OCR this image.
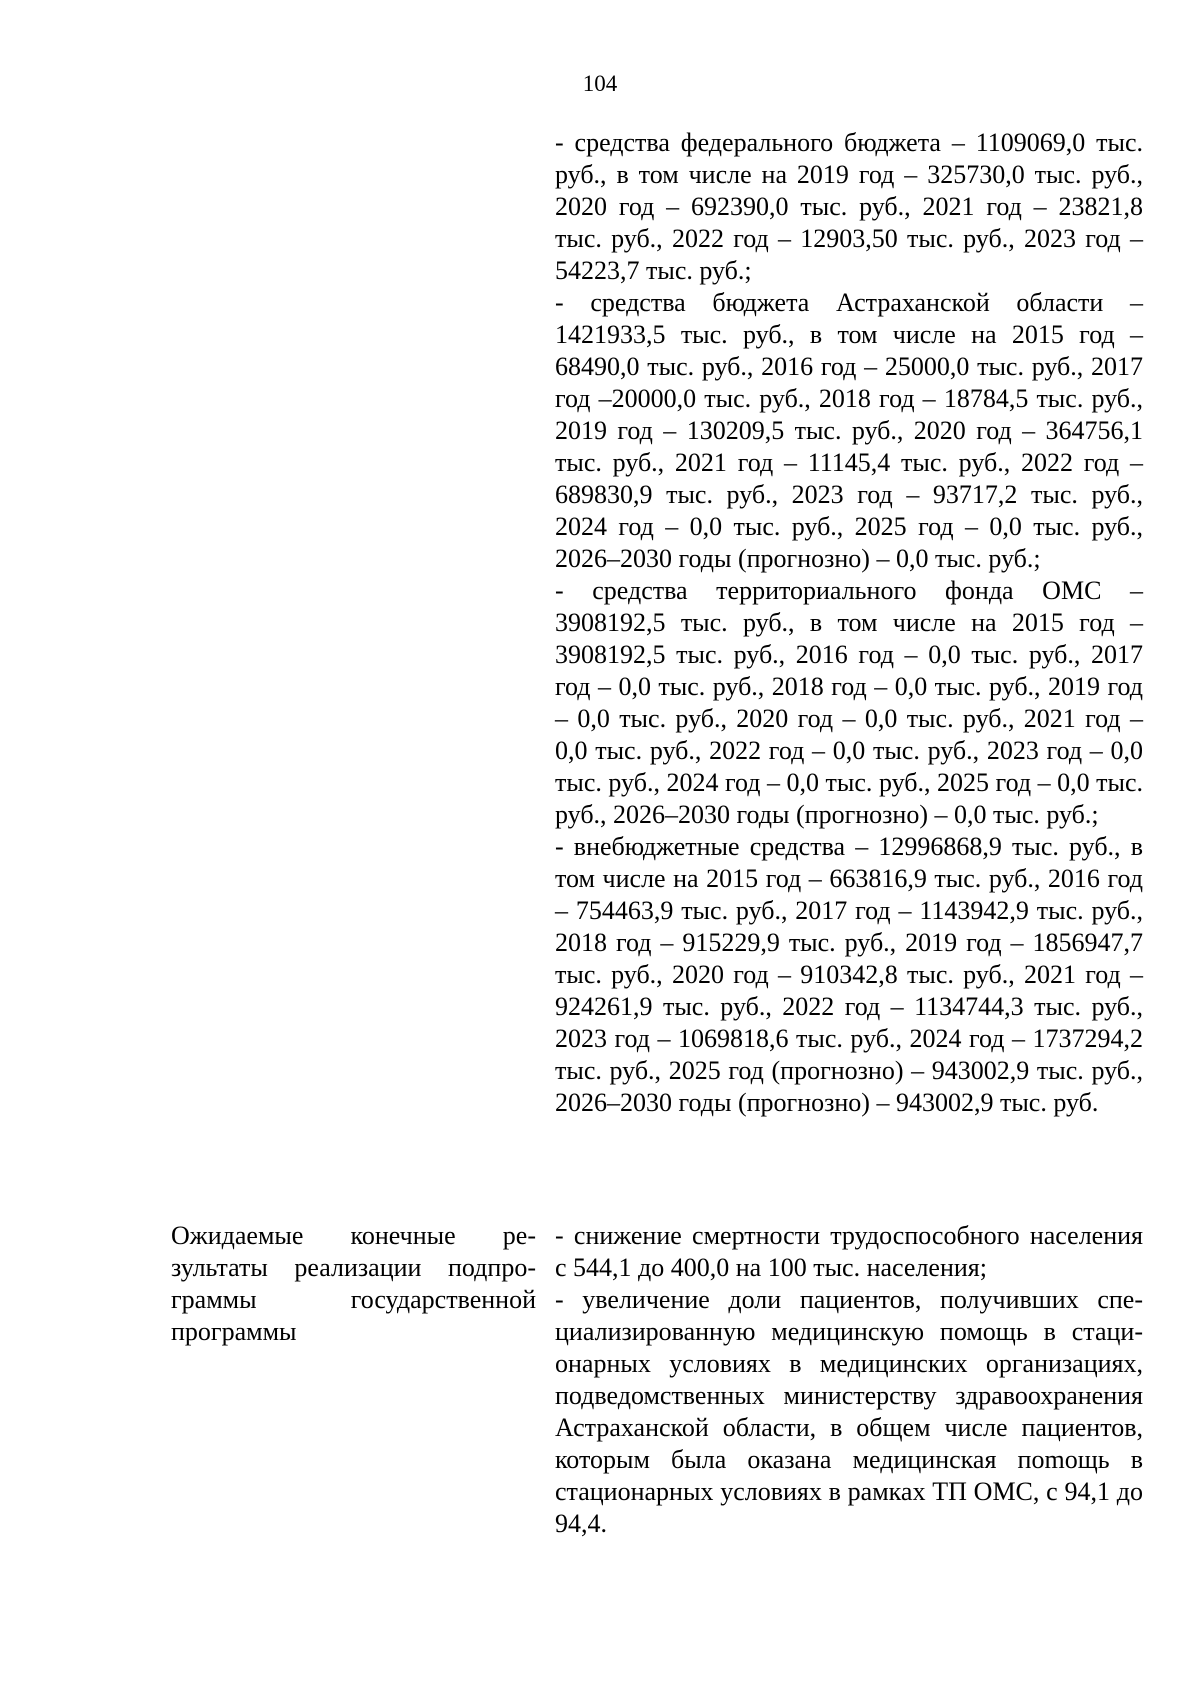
104

- средства федерального бюджета – 1109069,0 тыс. руб., в том числе на 2019 год – 325730,0 тыс. руб., 2020 год – 692390,0 тыс. руб., 2021 год – 23821,8 тыс. руб., 2022 год – 12903,50 тыс. руб., 2023 год – 54223,7 тыс. руб.;

- средства бюджета Астраханской области – 1421933,5 тыс. руб., в том числе на 2015 год – 68490,0 тыс. руб., 2016 год – 25000,0 тыс. руб., 2017 год –20000,0 тыс. руб., 2018 год – 18784,5 тыс. руб., 2019 год – 130209,5 тыс. руб., 2020 год – 364756,1 тыс. руб., 2021 год – 11145,4 тыс. руб., 2022 год – 689830,9 тыс. руб., 2023 год – 93717,2 тыс. руб., 2024 год – 0,0 тыс. руб., 2025 год – 0,0 тыс. руб., 2026–2030 годы (прогнозно) – 0,0 тыс. руб.;

- средства территориального фонда ОМС – 3908192,5 тыс. руб., в том числе на 2015 год – 3908192,5 тыс. руб., 2016 год – 0,0 тыс. руб., 2017 год – 0,0 тыс. руб., 2018 год – 0,0 тыс. руб., 2019 год – 0,0 тыс. руб., 2020 год – 0,0 тыс. руб., 2021 год – 0,0 тыс. руб., 2022 год – 0,0 тыс. руб., 2023 год – 0,0 тыс. руб., 2024 год – 0,0 тыс. руб., 2025 год – 0,0 тыс. руб., 2026–2030 годы (прогнозно) – 0,0 тыс. руб.;

- внебюджетные средства – 12996868,9 тыс. руб., в том числе на 2015 год – 663816,9 тыс. руб., 2016 год – 754463,9 тыс. руб., 2017 год – 1143942,9 тыс. руб., 2018 год – 915229,9 тыс. руб., 2019 год – 1856947,7 тыс. руб., 2020 год – 910342,8 тыс. руб., 2021 год – 924261,9 тыс. руб., 2022 год – 1134744,3 тыс. руб., 2023 год – 1069818,6 тыс. руб., 2024 год – 1737294,2 тыс. руб., 2025 год (прогнозно) – 943002,9 тыс. руб., 2026–2030 годы (прогнозно) – 943002,9 тыс. руб.

Ожидаемые конечные результаты реализации подпрограммы государственной программы

- снижение смертности трудоспособного населения с 544,1 до 400,0 на 100 тыс. населения;

- увеличение доли пациентов, получивших специализированную медицинскую помощь в стационарных условиях в медицинских организациях, подведомственных министерству здравоохранения Астраханской области, в общем числе пациентов, которым была оказана медицинская поmощь в стационарных условиях в рамках ТП ОМС, с 94,1 до 94,4.
